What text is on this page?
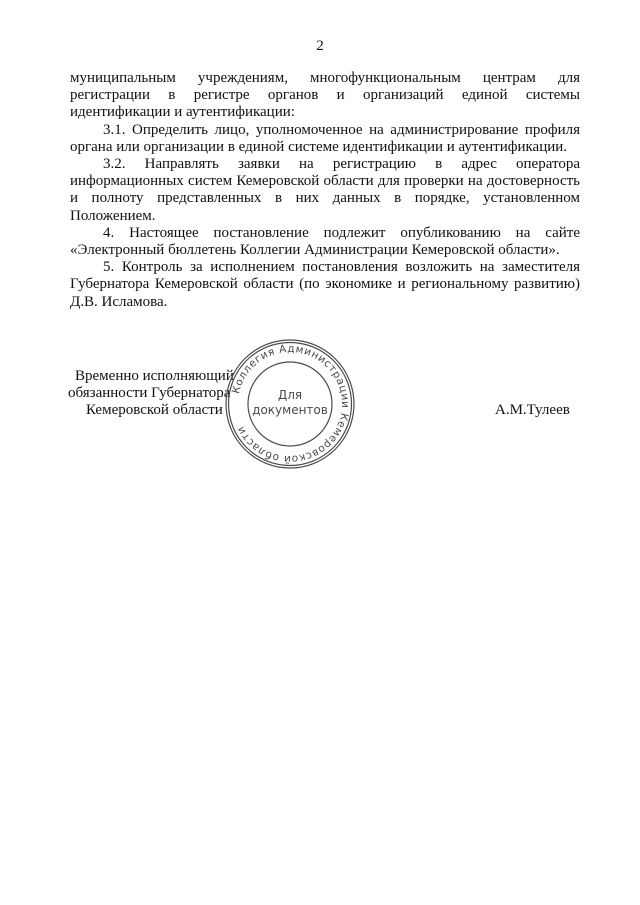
2

муниципальным учреждениям, многофункциональным центрам для регистрации в регистре органов и организаций единой системы идентификации и аутентификации:

3.1. Определить лицо, уполномоченное на администрирование профиля органа или организации в единой системе идентификации и аутентификации.

3.2. Направлять заявки на регистрацию в адрес оператора информационных систем Кемеровской области для проверки на достоверность и полноту представленных в них данных в порядке, установленном Положением.

4. Настоящее постановление подлежит опубликованию на сайте «Электронный бюллетень Коллегии Администрации Кемеровской области».

5. Контроль за исполнением постановления возложить на заместителя Губернатора Кемеровской области (по экономике и региональному развитию) Д.В. Исламова.

Временно исполняющий
обязанности Губернатора
Кемеровской области	А.М.Тулеев
Коллегия Администрации Кемеровской области
Для
документов
